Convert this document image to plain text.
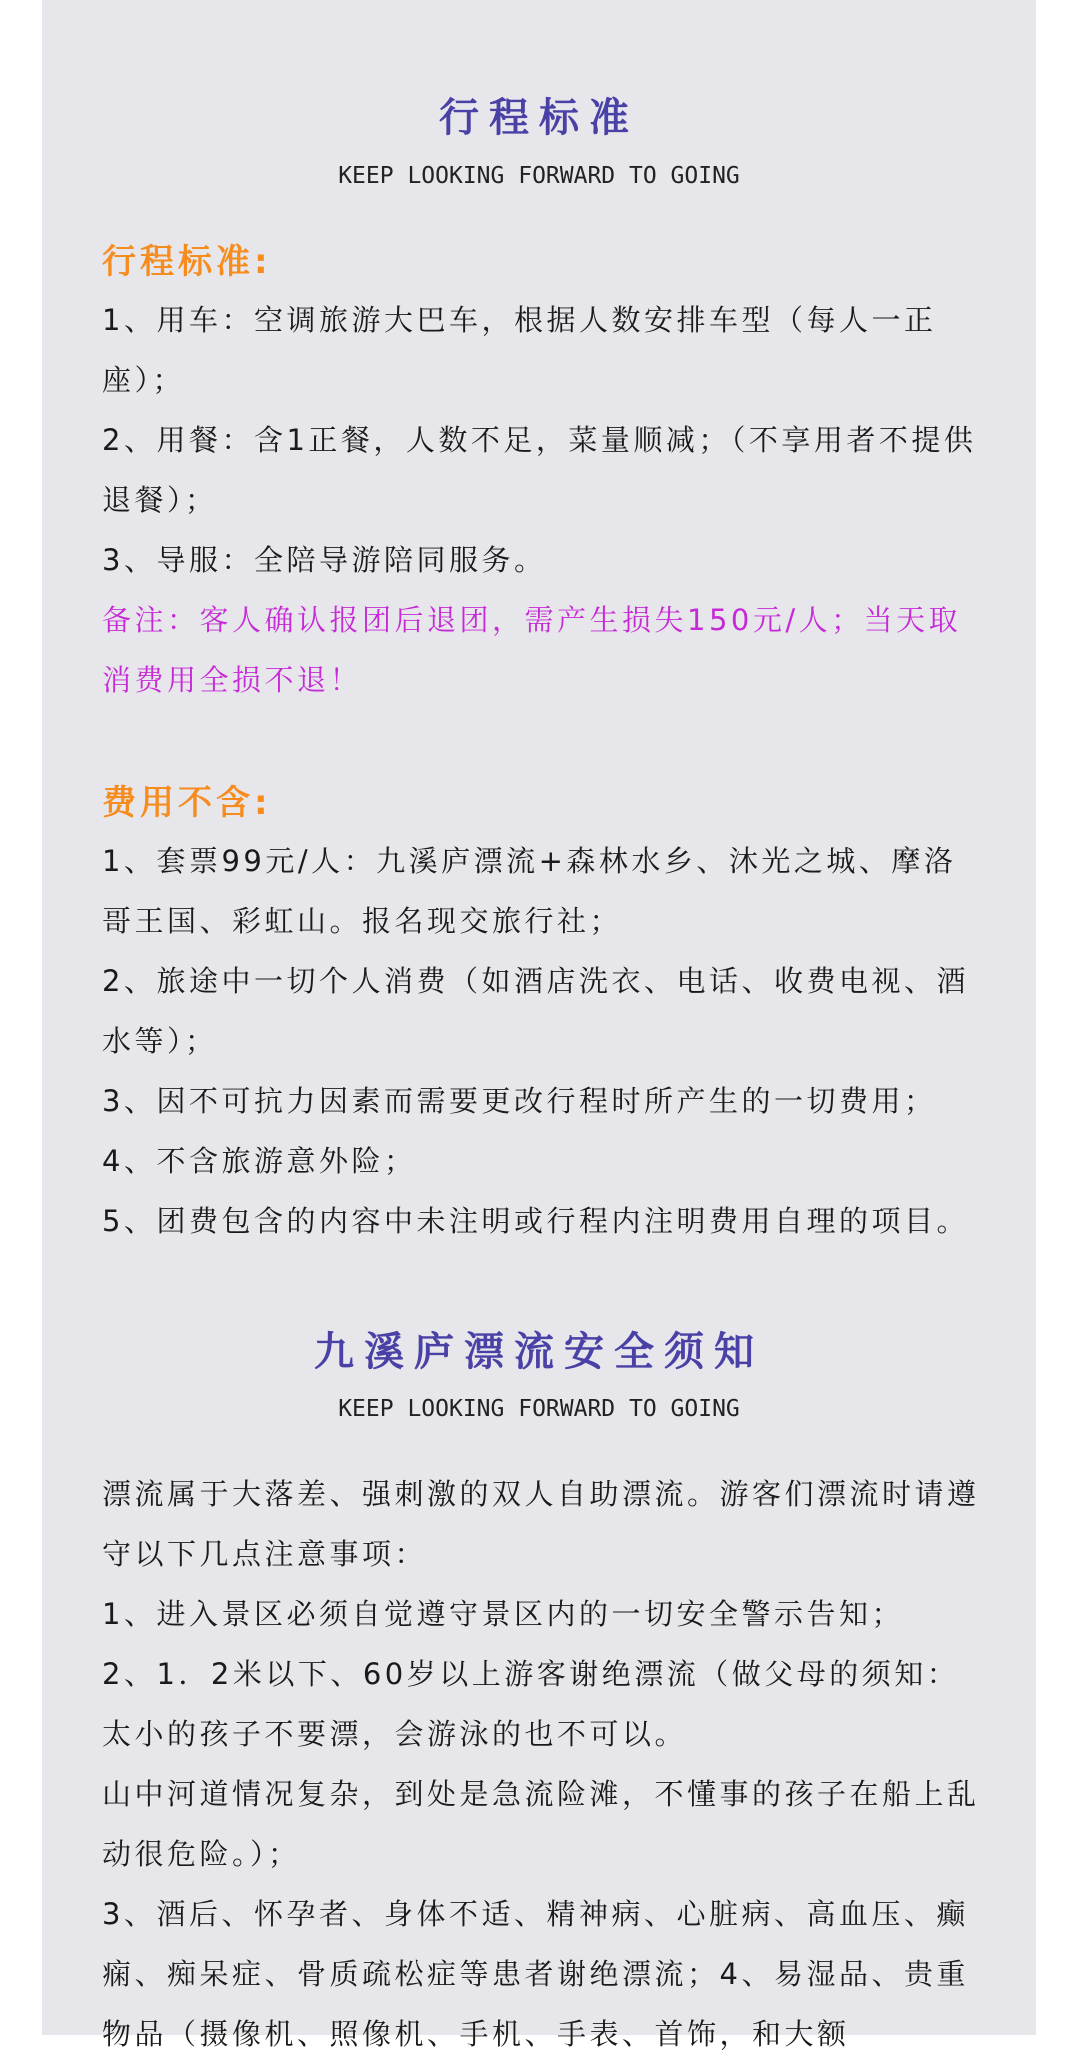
行程标准
KEEP LOOKING FORWARD TO GOING
行程标准:

1、用车：空调旅游大巴车，根据人数安排车型（每人一正座）；

2、用餐：含1正餐，人数不足，菜量顺减；（不享用者不提供退餐）；

3、导服：全陪导游陪同服务。

备注：客人确认报团后退团，需产生损失150元/人；当天取消费用全损不退！

费用不含:

1、套票99元/人：九溪庐漂流+森林水乡、沐光之城、摩洛哥王国、彩虹山。报名现交旅行社；

2、旅途中一切个人消费（如酒店洗衣、电话、收费电视、酒水等）；

3、因不可抗力因素而需要更改行程时所产生的一切费用；

4、不含旅游意外险；

5、团费包含的内容中未注明或行程内注明费用自理的项目。

九溪庐漂流安全须知
KEEP LOOKING FORWARD TO GOING

漂流属于大落差、强刺激的双人自助漂流。游客们漂流时请遵守以下几点注意事项：

1、进入景区必须自觉遵守景区内的一切安全警示告知；

2、1．2米以下、60岁以上游客谢绝漂流（做父母的须知：太小的孩子不要漂，会游泳的也不可以。

山中河道情况复杂，到处是急流险滩，不懂事的孩子在船上乱动很危险。）；

3、酒后、怀孕者、身体不适、精神病、心脏病、高血压、癫痫、痴呆症、骨质疏松症等患者谢绝漂流；4、易湿品、贵重物品（摄像机、照像机、手机、手表、首饰，和大额
